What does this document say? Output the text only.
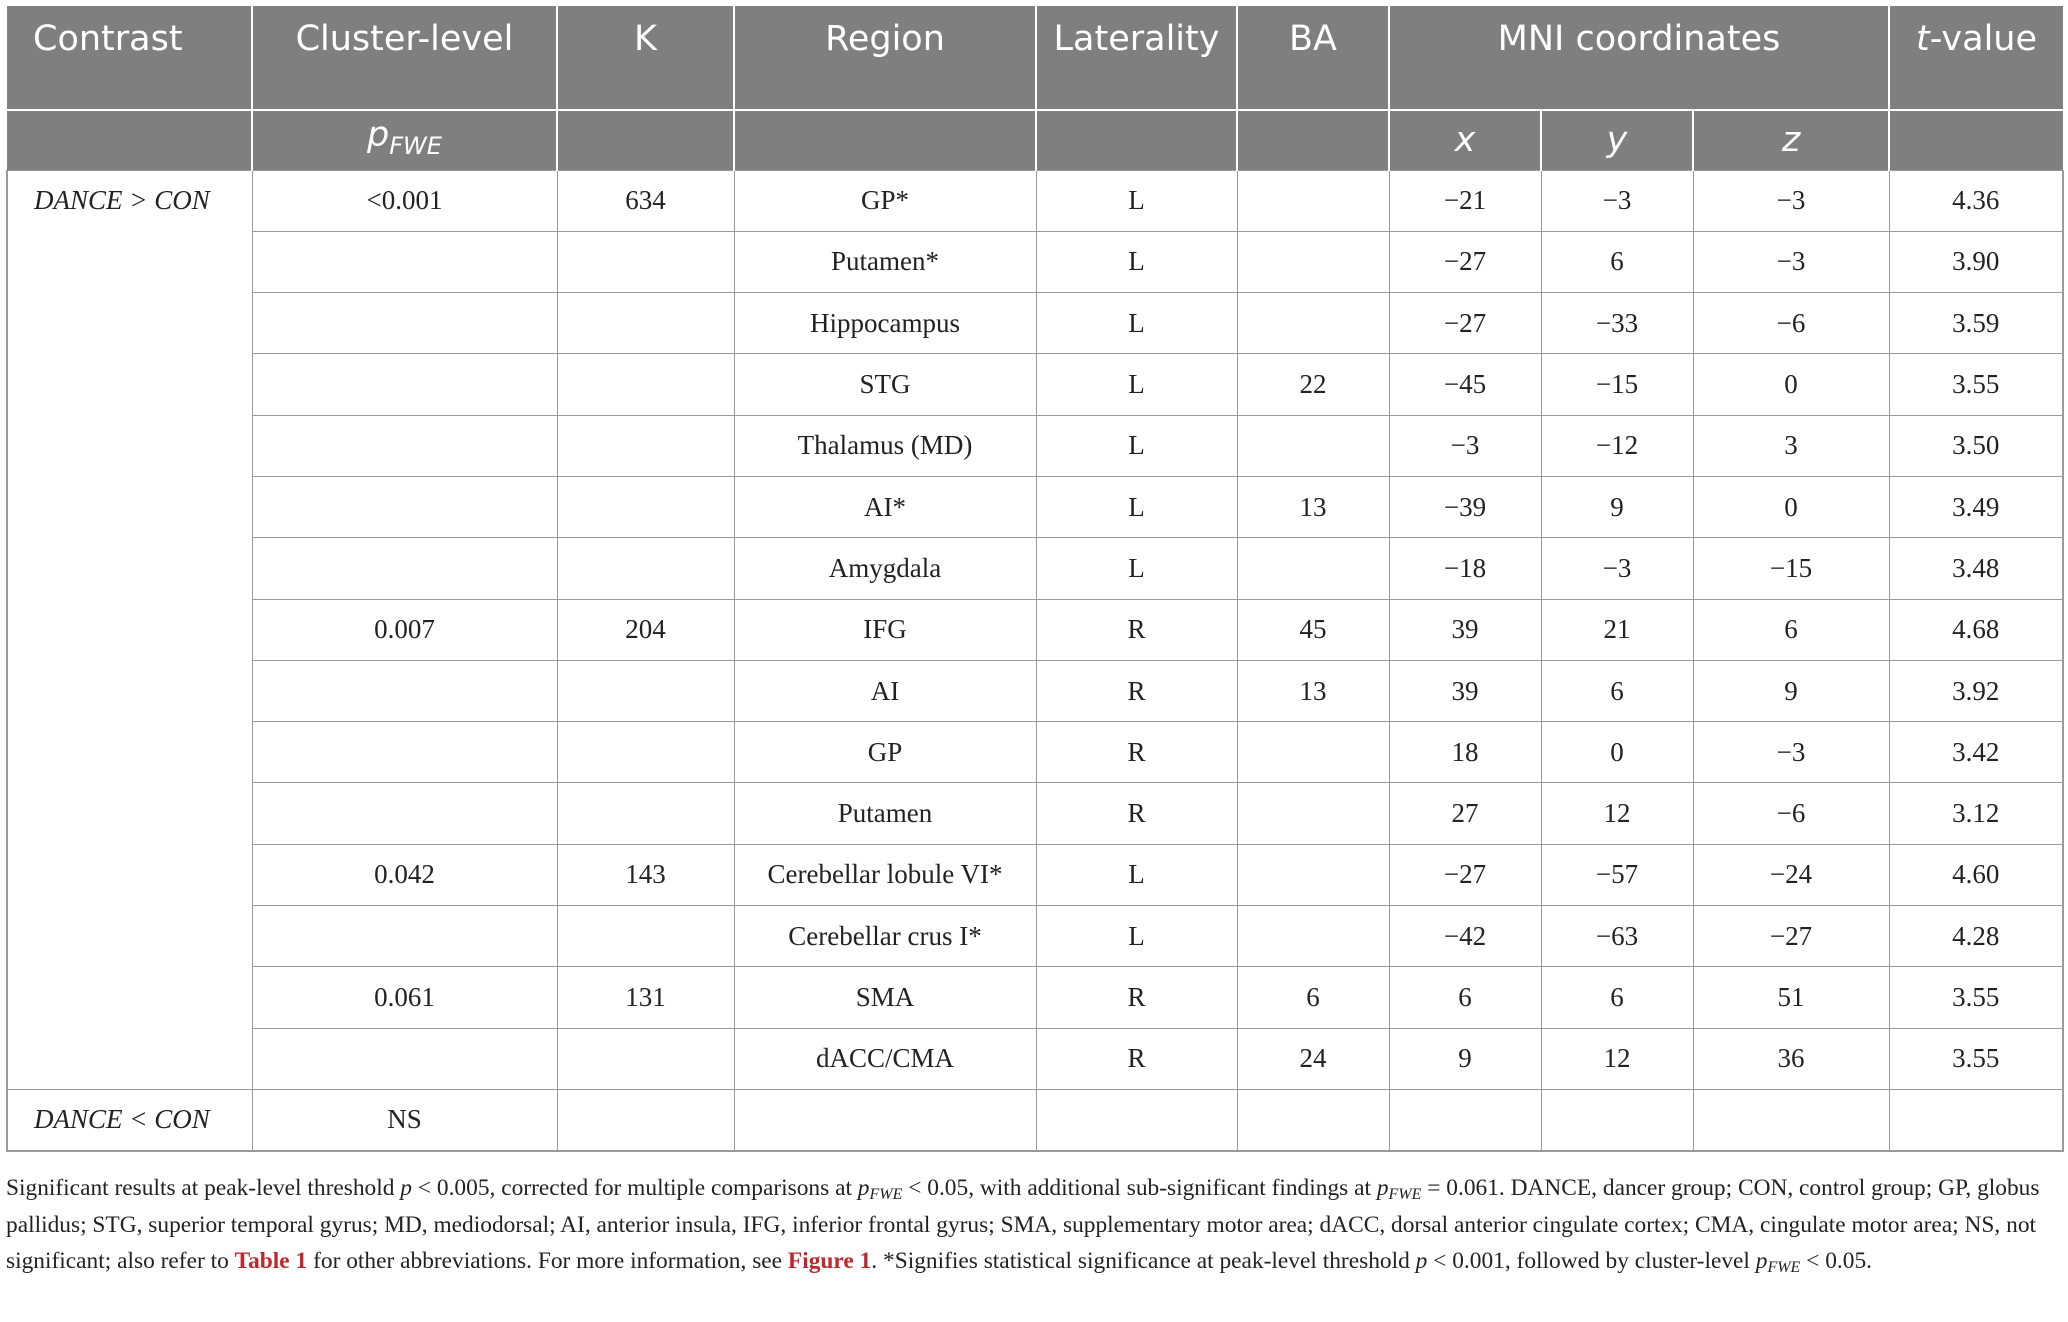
Contrast	Cluster-level	K	Region	Laterality	BA	MNI coordinates			t-value
	$p_{FWE}$					x	y	z	
DANCE > CON	<0.001	634	GP*	L		−21	−3	−3	4.36
			Putamen*	L		−27	6	−3	3.90
			Hippocampus	L		−27	−33	−6	3.59
			STG	L	22	−45	−15	0	3.55
			Thalamus (MD)	L		−3	−12	3	3.50
			AI*	L	13	−39	9	0	3.49
			Amygdala	L		−18	−3	−15	3.48
	0.007	204	IFG	R	45	39	21	6	4.68
			AI	R	13	39	6	9	3.92
			GP	R		18	0	−3	3.42
			Putamen	R		27	12	−6	3.12
	0.042	143	Cerebellar lobule VI*	L		−27	−57	−24	4.60
			Cerebellar crus I*	L		−42	−63	−27	4.28
	0.061	131	SMA	R	6	6	6	51	3.55
			dACC/CMA	R	24	9	12	36	3.55
DANCE < CON	NS								
Significant results at peak-level threshold p < 0.005, corrected for multiple comparisons at $p_{FWE} < 0.05$, with additional sub-significant findings at $p_{FWE} = 0.061$. DANCE, dancer group; CON, control group; GP, globus pallidus; STG, superior temporal gyrus; MD, mediodorsal; AI, anterior insula, IFG, inferior frontal gyrus; SMA, supplementary motor area; dACC, dorsal anterior cingulate cortex; CMA, cingulate motor area; NS, not significant; also refer to Table 1 for other abbreviations. For more information, see Figure 1. *Signifies statistical significance at peak-level threshold p < 0.001, followed by cluster-level $p_{FWE} < 0.05$.
